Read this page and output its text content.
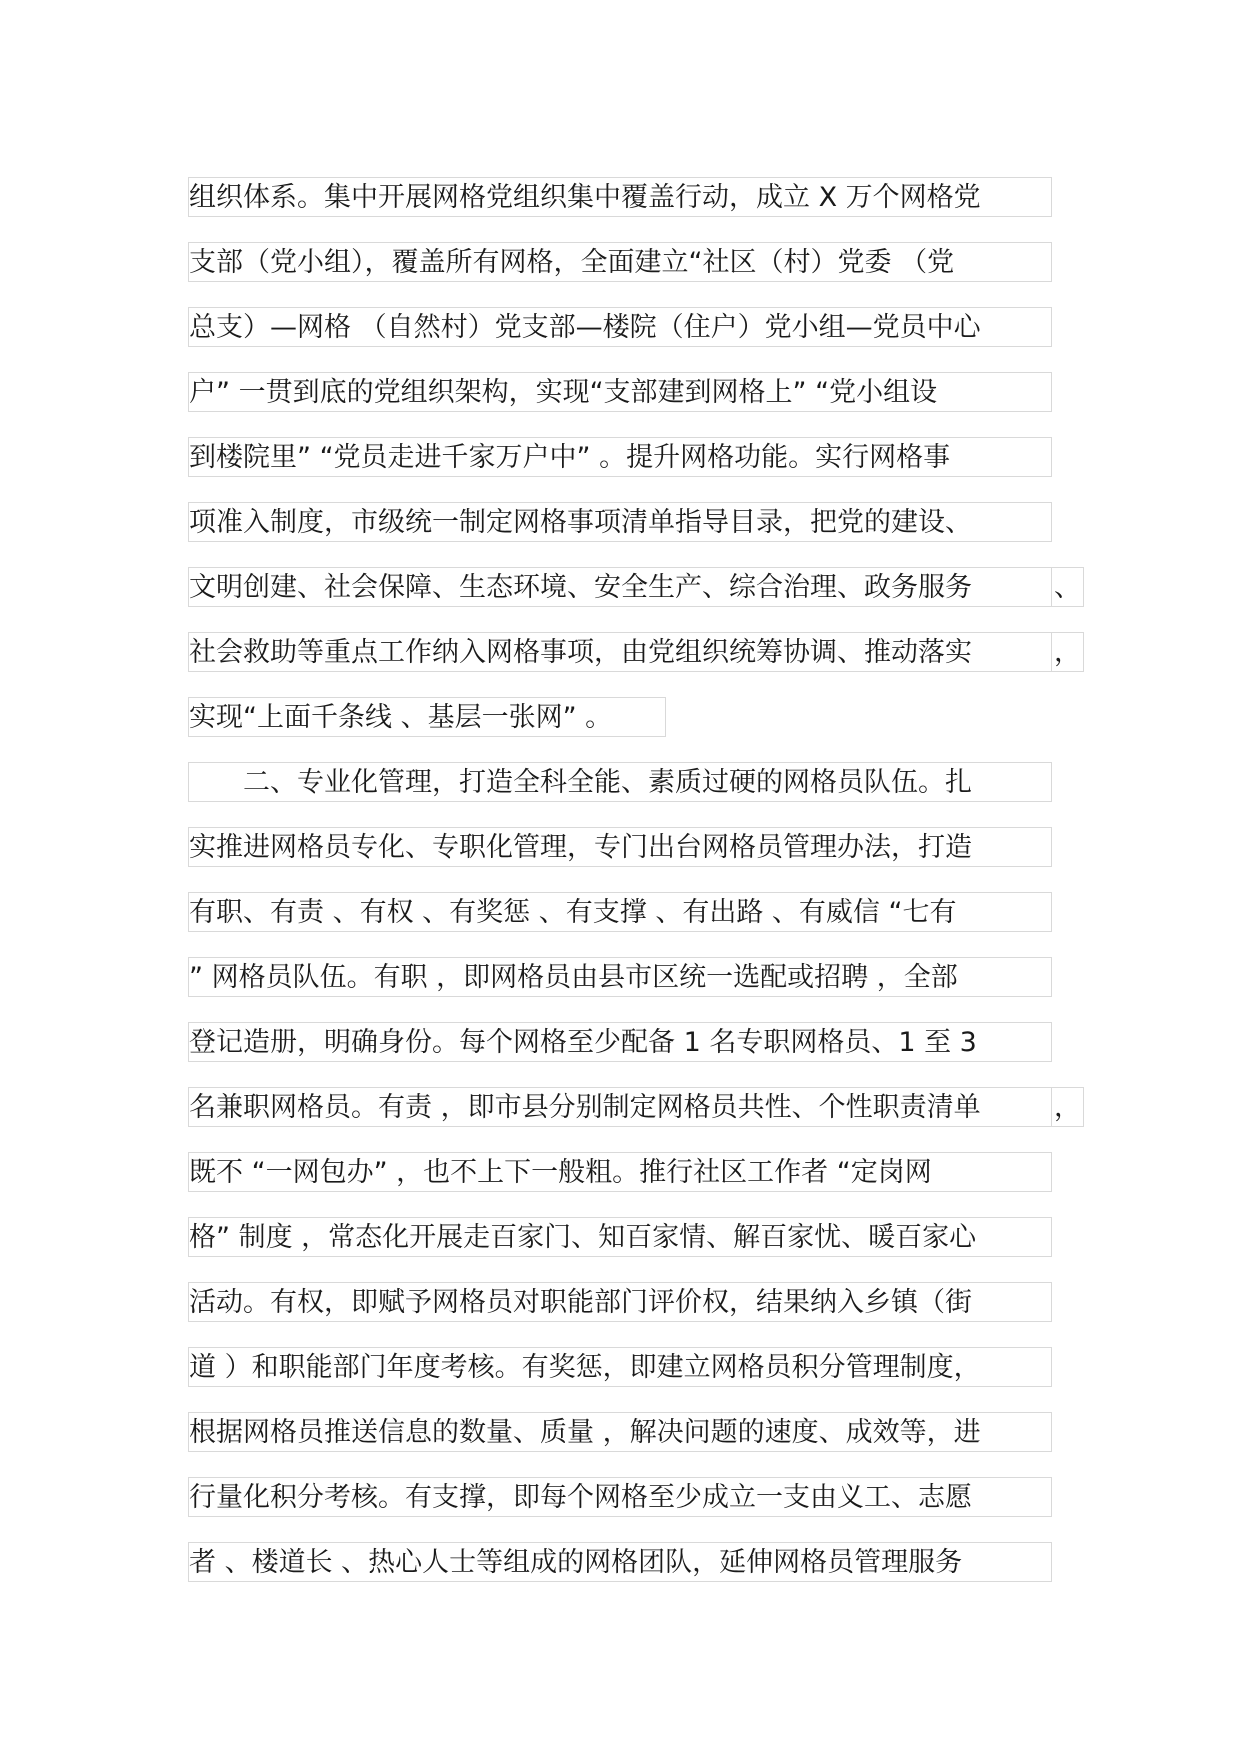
组织体系。集中开展网格党组织集中覆盖行动，成立 X 万个网格党
支部（党小组），覆盖所有网格，全面建立“社区（村）党委 （党
总支）—网格 （自然村）党支部—楼院（住户）党小组—党员中心
户” 一贯到底的党组织架构，实现“支部建到网格上” “党小组设
到楼院里” “党员走进千家万户中” 。提升网格功能。实行网格事
项准入制度，市级统一制定网格事项清单指导目录，把党的建设、
文明创建、社会保障、生态环境、安全生产、综合治理、政务服务	、
社会救助等重点工作纳入网格事项，由党组织统筹协调、推动落实	，
实现“上面千条线 、基层一张网” 。
　　二、专业化管理，打造全科全能、素质过硬的网格员队伍。扎
实推进网格员专化、专职化管理，专门出台网格员管理办法，打造
有职、有责 、有权 、有奖惩 、有支撑 、有出路 、有威信 “七有
” 网格员队伍。有职 ，即网格员由县市区统一选配或招聘 ，全部
登记造册，明确身份。每个网格至少配备 1 名专职网格员、1 至 3
名兼职网格员。有责 ，即市县分别制定网格员共性、个性职责清单	，
既不 “一网包办” ，也不上下一般粗。推行社区工作者 “定岗网
格” 制度 ，常态化开展走百家门、知百家情、解百家忧、暖百家心
活动。有权，即赋予网格员对职能部门评价权，结果纳入乡镇（街
道 ）和职能部门年度考核。有奖惩，即建立网格员积分管理制度，
根据网格员推送信息的数量、质量 ，解决问题的速度、成效等，进
行量化积分考核。有支撑，即每个网格至少成立一支由义工、志愿
者 、楼道长 、热心人士等组成的网格团队，延伸网格员管理服务
